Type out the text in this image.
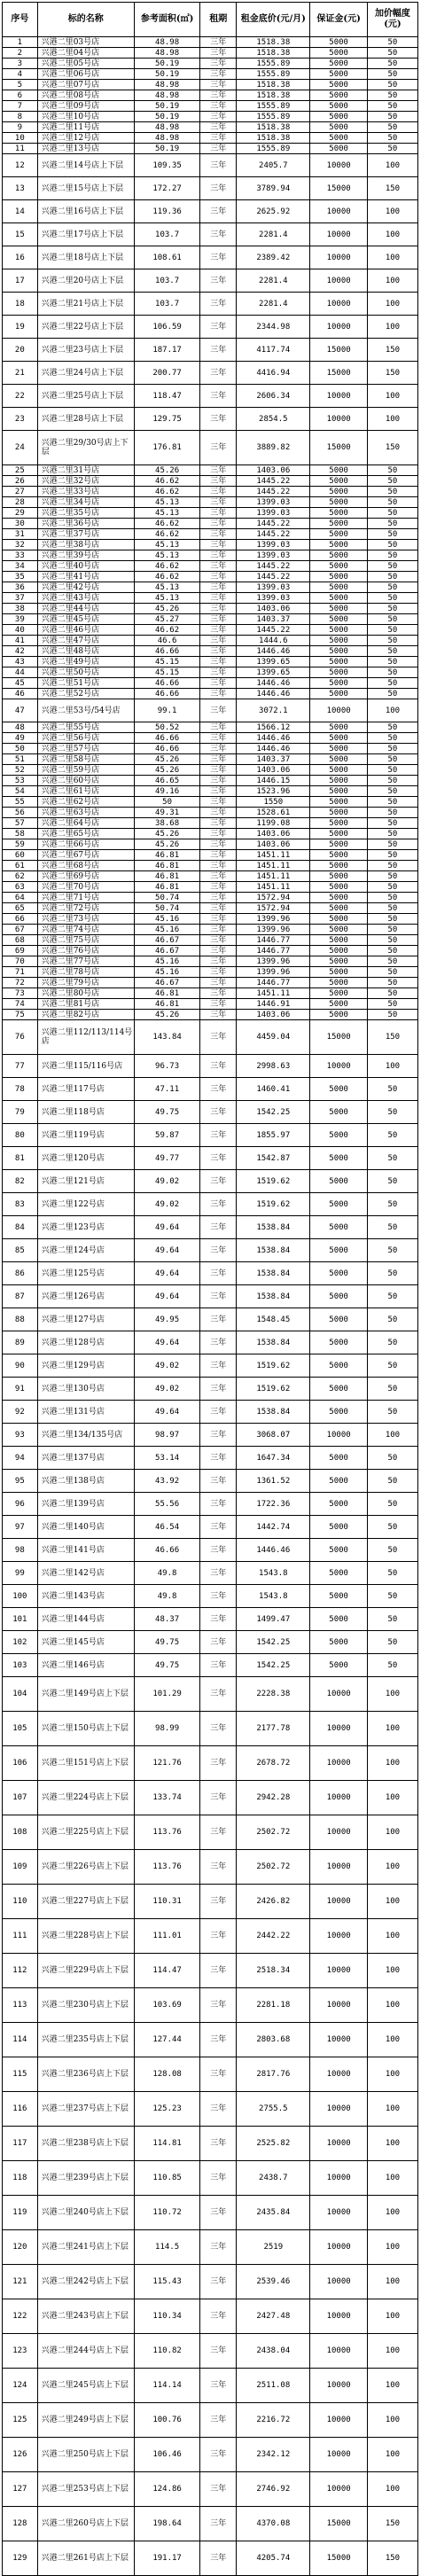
序号	标的名称	参考面积(㎡)	租期	租金底价(元/月)	保证金(元)	加价幅度(元)
1	兴港二里03号店	48.98	三年	1518.38	5000	50
2	兴港二里04号店	48.98	三年	1518.38	5000	50
3	兴港二里05号店	50.19	三年	1555.89	5000	50
4	兴港二里06号店	50.19	三年	1555.89	5000	50
5	兴港二里07号店	48.98	三年	1518.38	5000	50
6	兴港二里08号店	48.98	三年	1518.38	5000	50
7	兴港二里09号店	50.19	三年	1555.89	5000	50
8	兴港二里10号店	50.19	三年	1555.89	5000	50
9	兴港二里11号店	48.98	三年	1518.38	5000	50
10	兴港二里12号店	48.98	三年	1518.38	5000	50
11	兴港二里13号店	50.19	三年	1555.89	5000	50
12	兴港二里14号店上下层	109.35	三年	2405.7	10000	100
13	兴港二里15号店上下层	172.27	三年	3789.94	15000	150
14	兴港二里16号店上下层	119.36	三年	2625.92	10000	100
15	兴港二里17号店上下层	103.7	三年	2281.4	10000	100
16	兴港二里18号店上下层	108.61	三年	2389.42	10000	100
17	兴港二里20号店上下层	103.7	三年	2281.4	10000	100
18	兴港二里21号店上下层	103.7	三年	2281.4	10000	100
19	兴港二里22号店上下层	106.59	三年	2344.98	10000	100
20	兴港二里23号店上下层	187.17	三年	4117.74	15000	150
21	兴港二里24号店上下层	200.77	三年	4416.94	15000	150
22	兴港二里25号店上下层	118.47	三年	2606.34	10000	100
23	兴港二里28号店上下层	129.75	三年	2854.5	10000	100
24	兴港二里29/30号店上下层	176.81	三年	3889.82	15000	150
25	兴港二里31号店	45.26	三年	1403.06	5000	50
26	兴港二里32号店	46.62	三年	1445.22	5000	50
27	兴港二里33号店	46.62	三年	1445.22	5000	50
28	兴港二里34号店	45.13	三年	1399.03	5000	50
29	兴港二里35号店	45.13	三年	1399.03	5000	50
30	兴港二里36号店	46.62	三年	1445.22	5000	50
31	兴港二里37号店	46.62	三年	1445.22	5000	50
32	兴港二里38号店	45.13	三年	1399.03	5000	50
33	兴港二里39号店	45.13	三年	1399.03	5000	50
34	兴港二里40号店	46.62	三年	1445.22	5000	50
35	兴港二里41号店	46.62	三年	1445.22	5000	50
36	兴港二里42号店	45.13	三年	1399.03	5000	50
37	兴港二里43号店	45.13	三年	1399.03	5000	50
38	兴港二里44号店	45.26	三年	1403.06	5000	50
39	兴港二里45号店	45.27	三年	1403.37	5000	50
40	兴港二里46号店	46.62	三年	1445.22	5000	50
41	兴港二里47号店	46.6	三年	1444.6	5000	50
42	兴港二里48号店	46.66	三年	1446.46	5000	50
43	兴港二里49号店	45.15	三年	1399.65	5000	50
44	兴港二里50号店	45.15	三年	1399.65	5000	50
45	兴港二里51号店	46.66	三年	1446.46	5000	50
46	兴港二里52号店	46.66	三年	1446.46	5000	50
47	兴港二里53号/54号店	99.1	三年	3072.1	10000	100
48	兴港二里55号店	50.52	三年	1566.12	5000	50
49	兴港二里56号店	46.66	三年	1446.46	5000	50
50	兴港二里57号店	46.66	三年	1446.46	5000	50
51	兴港二里58号店	45.26	三年	1403.37	5000	50
52	兴港二里59号店	45.26	三年	1403.06	5000	50
53	兴港二里60号店	46.65	三年	1446.15	5000	50
54	兴港二里61号店	49.16	三年	1523.96	5000	50
55	兴港二里62号店	50	三年	1550	5000	50
56	兴港二里63号店	49.31	三年	1528.61	5000	50
57	兴港二里64号店	38.68	三年	1199.08	5000	50
58	兴港二里65号店	45.26	三年	1403.06	5000	50
59	兴港二里66号店	45.26	三年	1403.06	5000	50
60	兴港二里67号店	46.81	三年	1451.11	5000	50
61	兴港二里68号店	46.81	三年	1451.11	5000	50
62	兴港二里69号店	46.81	三年	1451.11	5000	50
63	兴港二里70号店	46.81	三年	1451.11	5000	50
64	兴港二里71号店	50.74	三年	1572.94	5000	50
65	兴港二里72号店	50.74	三年	1572.94	5000	50
66	兴港二里73号店	45.16	三年	1399.96	5000	50
67	兴港二里74号店	45.16	三年	1399.96	5000	50
68	兴港二里75号店	46.67	三年	1446.77	5000	50
69	兴港二里76号店	46.67	三年	1446.77	5000	50
70	兴港二里77号店	45.16	三年	1399.96	5000	50
71	兴港二里78号店	45.16	三年	1399.96	5000	50
72	兴港二里79号店	46.67	三年	1446.77	5000	50
73	兴港二里80号店	46.81	三年	1451.11	5000	50
74	兴港二里81号店	46.81	三年	1446.91	5000	50
75	兴港二里82号店	45.26	三年	1403.06	5000	50
76	兴港二里112/113/114号店	143.84	三年	4459.04	15000	150
77	兴港二里115/116号店	96.73	三年	2998.63	10000	100
78	兴港二里117号店	47.11	三年	1460.41	5000	50
79	兴港二里118号店	49.75	三年	1542.25	5000	50
80	兴港二里119号店	59.87	三年	1855.97	5000	50
81	兴港二里120号店	49.77	三年	1542.87	5000	50
82	兴港二里121号店	49.02	三年	1519.62	5000	50
83	兴港二里122号店	49.02	三年	1519.62	5000	50
84	兴港二里123号店	49.64	三年	1538.84	5000	50
85	兴港二里124号店	49.64	三年	1538.84	5000	50
86	兴港二里125号店	49.64	三年	1538.84	5000	50
87	兴港二里126号店	49.64	三年	1538.84	5000	50
88	兴港二里127号店	49.95	三年	1548.45	5000	50
89	兴港二里128号店	49.64	三年	1538.84	5000	50
90	兴港二里129号店	49.02	三年	1519.62	5000	50
91	兴港二里130号店	49.02	三年	1519.62	5000	50
92	兴港二里131号店	49.64	三年	1538.84	5000	50
93	兴港二里134/135号店	98.97	三年	3068.07	10000	100
94	兴港二里137号店	53.14	三年	1647.34	5000	50
95	兴港二里138号店	43.92	三年	1361.52	5000	50
96	兴港二里139号店	55.56	三年	1722.36	5000	50
97	兴港二里140号店	46.54	三年	1442.74	5000	50
98	兴港二里141号店	46.66	三年	1446.46	5000	50
99	兴港二里142号店	49.8	三年	1543.8	5000	50
100	兴港二里143号店	49.8	三年	1543.8	5000	50
101	兴港二里144号店	48.37	三年	1499.47	5000	50
102	兴港二里145号店	49.75	三年	1542.25	5000	50
103	兴港二里146号店	49.75	三年	1542.25	5000	50
104	兴港二里149号店上下层	101.29	三年	2228.38	10000	100
105	兴港二里150号店上下层	98.99	三年	2177.78	10000	100
106	兴港二里151号店上下层	121.76	三年	2678.72	10000	100
107	兴港二里224号店上下层	133.74	三年	2942.28	10000	100
108	兴港二里225号店上下层	113.76	三年	2502.72	10000	100
109	兴港二里226号店上下层	113.76	三年	2502.72	10000	100
110	兴港二里227号店上下层	110.31	三年	2426.82	10000	100
111	兴港二里228号店上下层	111.01	三年	2442.22	10000	100
112	兴港二里229号店上下层	114.47	三年	2518.34	10000	100
113	兴港二里230号店上下层	103.69	三年	2281.18	10000	100
114	兴港二里235号店上下层	127.44	三年	2803.68	10000	100
115	兴港二里236号店上下层	128.08	三年	2817.76	10000	100
116	兴港二里237号店上下层	125.23	三年	2755.5	10000	100
117	兴港二里238号店上下层	114.81	三年	2525.82	10000	100
118	兴港二里239号店上下层	110.85	三年	2438.7	10000	100
119	兴港二里240号店上下层	110.72	三年	2435.84	10000	100
120	兴港二里241号店上下层	114.5	三年	2519	10000	100
121	兴港二里242号店上下层	115.43	三年	2539.46	10000	100
122	兴港二里243号店上下层	110.34	三年	2427.48	10000	100
123	兴港二里244号店上下层	110.82	三年	2438.04	10000	100
124	兴港二里245号店上下层	114.14	三年	2511.08	10000	100
125	兴港二里249号店上下层	100.76	三年	2216.72	10000	100
126	兴港二里250号店上下层	106.46	三年	2342.12	10000	100
127	兴港二里253号店上下层	124.86	三年	2746.92	10000	100
128	兴港二里260号店上下层	198.64	三年	4370.08	15000	150
129	兴港二里261号店上下层	191.17	三年	4205.74	15000	150
